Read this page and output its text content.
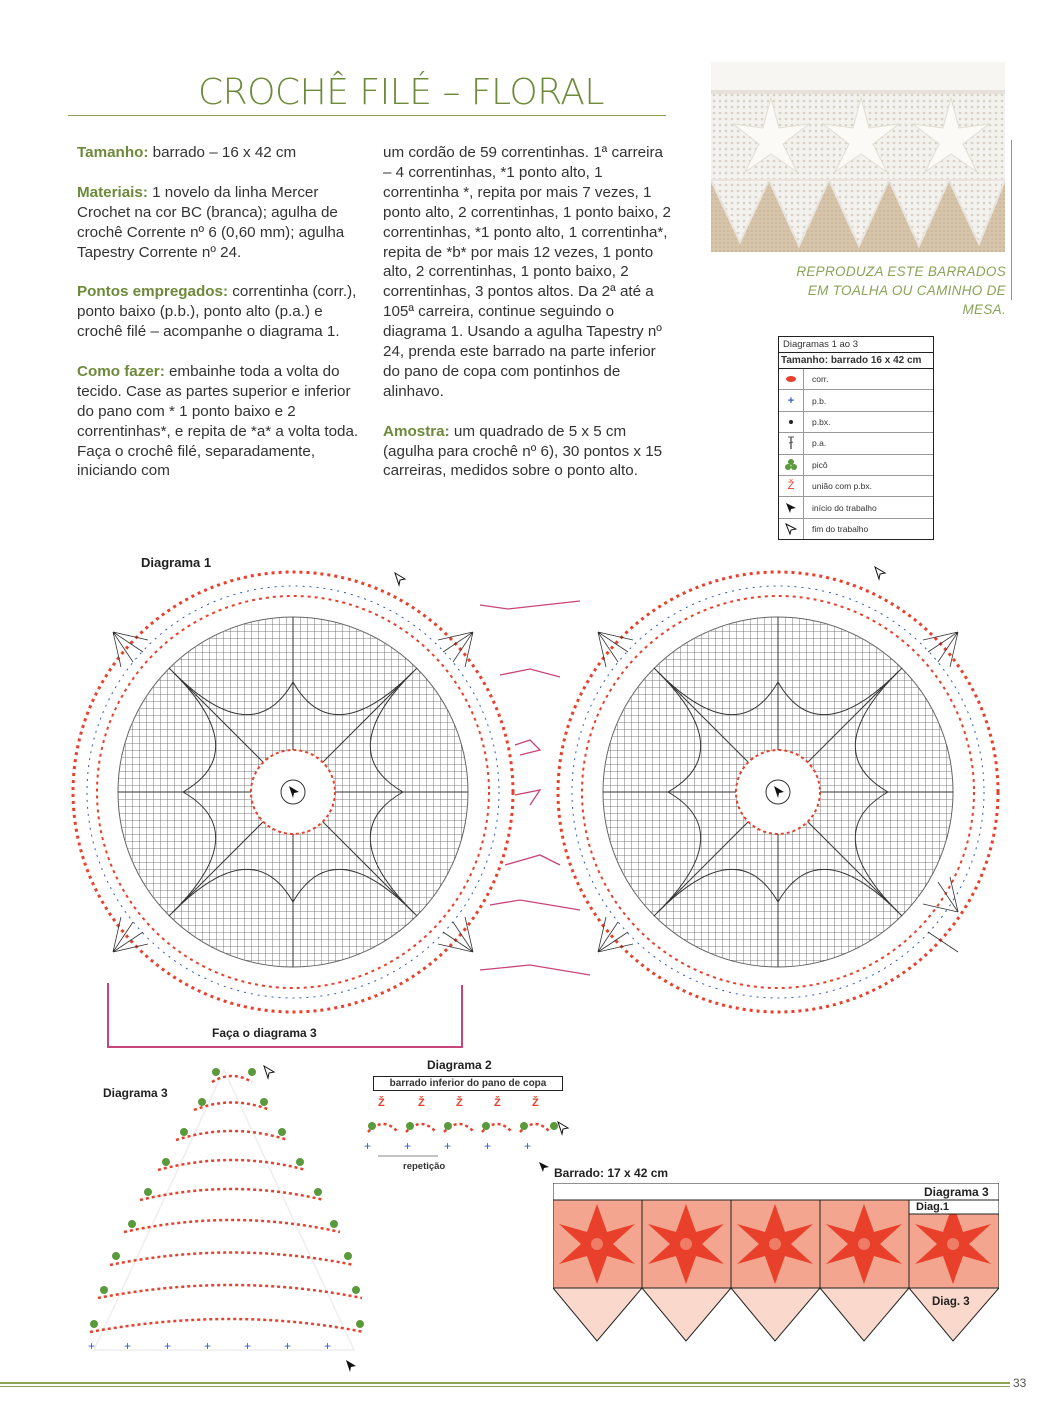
CROCHÊ FILÉ – FLORAL

Tamanho: barrado – 16 x 42 cm

Materiais: 1 novelo da linha Mercer Crochet na cor BC (branca); agulha de crochê Corrente nº 6 (0,60 mm); agulha Tapestry Corrente nº 24.

Pontos empregados: correntinha (corr.), ponto baixo (p.b.), ponto alto (p.a.) e crochê filé – acompanhe o diagrama 1.

Como fazer: embainhe toda a volta do tecido. Case as partes superior e inferior do pano com * 1 ponto baixo e 2 correntinhas*, e repita de *a* a volta toda. Faça o crochê filé, separadamente, iniciando com

um cordão de 59 correntinhas. 1ª carreira – 4 correntinhas, *1 ponto alto, 1 correntinha *, repita por mais 7 vezes, 1 ponto alto, 2 correntinhas, 1 ponto baixo, 2 correntinhas, *1 ponto alto, 1 correntinha*, repita de *b* por mais 12 vezes, 1 ponto alto, 2 correntinhas, 1 ponto baixo, 2 correntinhas, 3 pontos altos. Da 2ª até a 105ª carreira, continue seguindo o diagrama 1. Usando a agulha Tapestry nº 24, prenda este barrado na parte inferior do pano de copa com pontinhos de alinhavo.

Amostra: um quadrado de 5 x 5 cm (agulha para crochê nº 6), 30 pontos x 15 carreiras, medidos sobre o ponto alto.

REPRODUZA ESTE BARRADOS EM TOALHA OU CAMINHO DE MESA.
Diagramas 1 ao 3
Tamanho: barrado 16 x 42 cm
corr.
+	p.b.
p.bx.
p.a.
picô
Ž	união com p.bx.
início do trabalho
fim do trabalho
Diagrama 1
Faça o diagrama 3
Diagrama 3
+ +	+	+	+	+	+
Diagrama 2
barrado inferior do pano de copa
Ž	Ž	Ž	Ž	Ž
+	+	+	+	+
repetição	Barrado: 17 x 42 cm
Diagrama 3
Diag.1
Diag. 3
33
